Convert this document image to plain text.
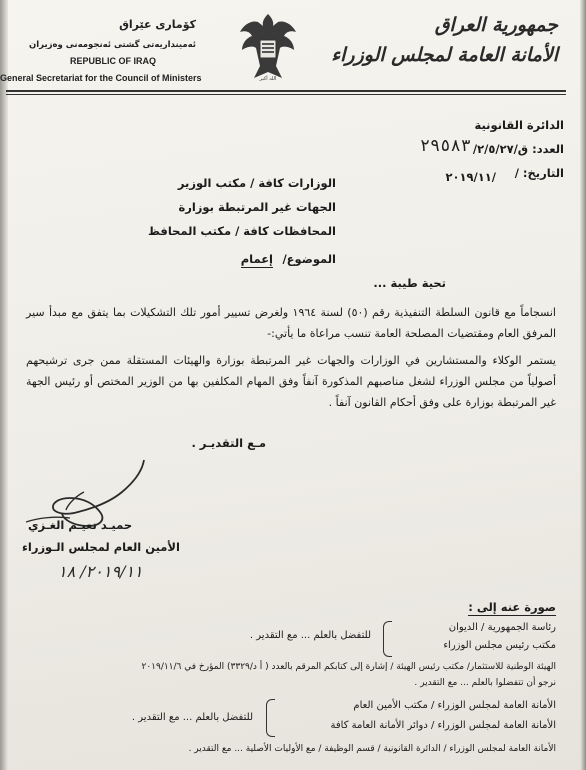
کۆماری عێراق
ئەمینداریەتی گشتی ئەنجومەنی وەزیران
REPUBLIC OF IRAQ
General Secretariat for the Council of Ministers	الله أكبر
جمهورية العراق
الأمانة العامة لمجلس الوزراء
الدائرة القانونية
العدد: ق/٢/٥/٢٧/
٢٩٥٨٣
التاريخ: /
٢٠١٩/١١/
الوزارات كافة / مكتب الوزير
الجهات غير المرتبطة بوزارة
المحافظات كافة / مكتب المحافظ
الموضوع/
إعمام
تحية طيبة ...
انسجاماً مع قانون السلطة التنفيذية رقم (٥٠) لسنة ١٩٦٤ ولغرض تسيير أمور تلك التشكيلات بما يتفق مع مبدأ سير المرفق العام ومقتضيات المصلحة العامة تنسب مراعاة ما يأتي:-
يستمر الوكلاء والمستشارين في الوزارات والجهات غير المرتبطة بوزارة والهيئات المستقلة ممن جرى ترشيحهم أصولياً من مجلس الوزراء لشغل مناصبهم المذكورة آنفاً وفق المهام المكلفين بها من الوزير المختص أو رئيس الجهة غير المرتبطة بوزارة على وفق أحكام القانون آنفاً .
مـع التقديـر .
حميـد نعيـم الغـزي
الأمين العام لمجلس الـوزراء
٢٠١٩/١١/ ١٨
صورة عنه إلى :
رئاسة الجمهورية / الديوان
مكتب رئيس مجلس الوزراء
للتفضل بالعلم ... مع التقدير .
الهيئة الوطنية للاستثمار/ مكتب رئيس الهيئة / إشارة إلى كتابكم المرقم بالعدد ( أ د/٣٣٢٩) المؤرخ في ٢٠١٩/١١/٦
نرجو أن تتفضلوا بالعلم ... مع التقدير .
الأمانة العامة لمجلس الوزراء / مكتب الأمين العام
الأمانة العامة لمجلس الوزراء / دوائر الأمانة العامة كافة
للتفضل بالعلم ... مع التقدير .
الأمانة العامة لمجلس الوزراء / الدائرة القانونية / قسم الوظيفة / مع الأوليات الأصلية ... مع التقدير .
